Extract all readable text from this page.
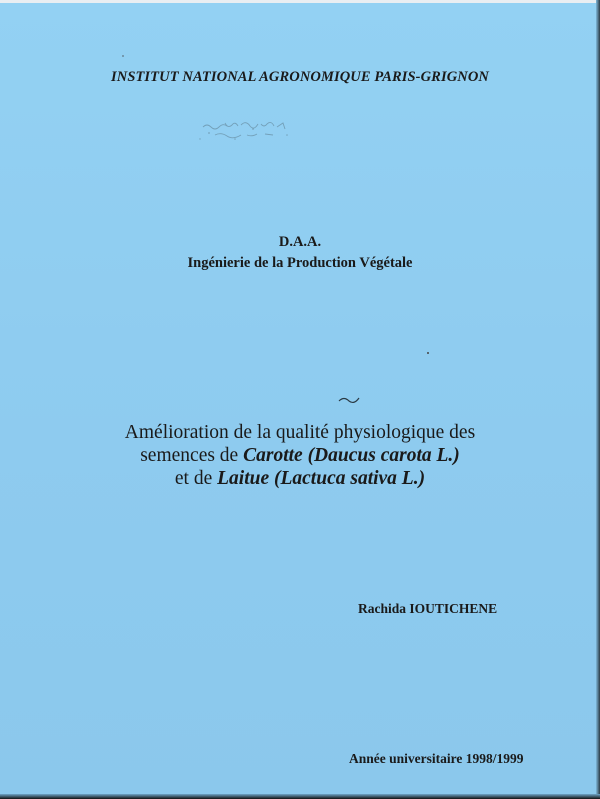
INSTITUT NATIONAL AGRONOMIQUE PARIS-GRIGNON
D.A.A.
Ingénierie de la Production Végétale
Amélioration de la qualité physiologique des
semences de Carotte (Daucus carota L.)
et de Laitue (Lactuca sativa L.)
Rachida IOUTICHENE
Année universitaire 1998/1999
